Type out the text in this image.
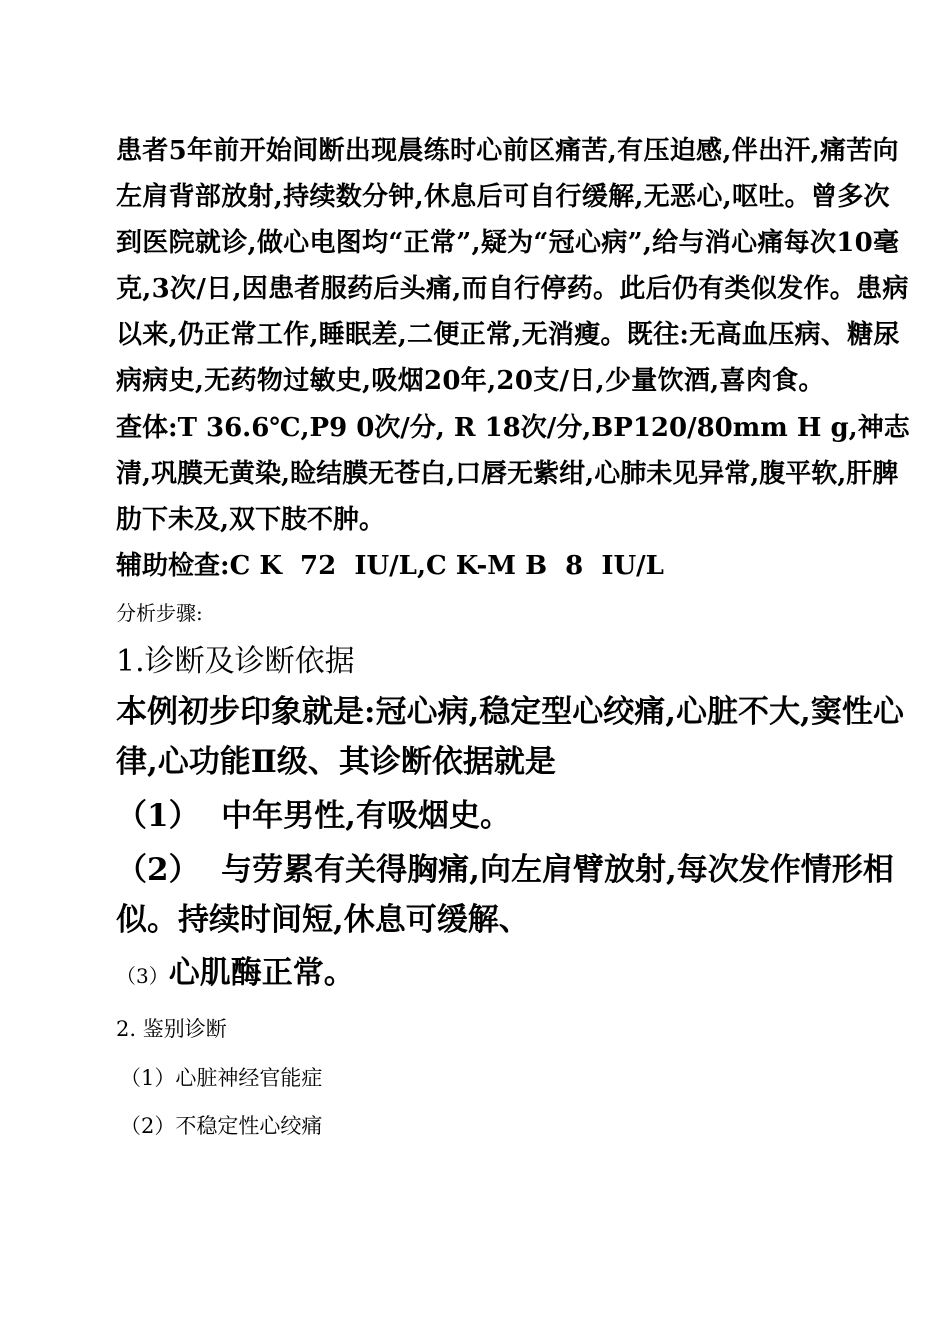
患者5年前开始间断出现晨练时心前区痛苦,有压迫感,伴出汗,痛苦向左肩背部放射,持续数分钟,休息后可自行缓解,无恶心,呕吐。曾多次到医院就诊,做心电图均“正常”,疑为“冠心病”,给与消心痛每次10毫克,3次/日,因患者服药后头痛,而自行停药。此后仍有类似发作。患病以来,仍正常工作,睡眠差,二便正常,无消瘦。既往:无高血压病、糖尿病病史,无药物过敏史,吸烟20年,20支/日,少量饮酒,喜肉食。

查体:T 36.6℃,P9 0次/分, R 18次/分,BP120/80mm H g,神志清,巩膜无黄染,睑结膜无苍白,口唇无紫绀,心肺未见异常,腹平软,肝脾肋下未及,双下肢不肿。

辅助检查:C K  72  IU/L,C K-M B  8  IU/L

分析步骤:

1.诊断及诊断依据

本例初步印象就是:冠心病,稳定型心绞痛,心脏不大,窦性心律,心功能Ⅱ级、其诊断依据就是

（1）  中年男性,有吸烟史。

（2）  与劳累有关得胸痛,向左肩臂放射,每次发作情形相似。持续时间短,休息可缓解、

（3）心肌酶正常。

2. 鉴别诊断

（1）心脏神经官能症

（2）不稳定性心绞痛
